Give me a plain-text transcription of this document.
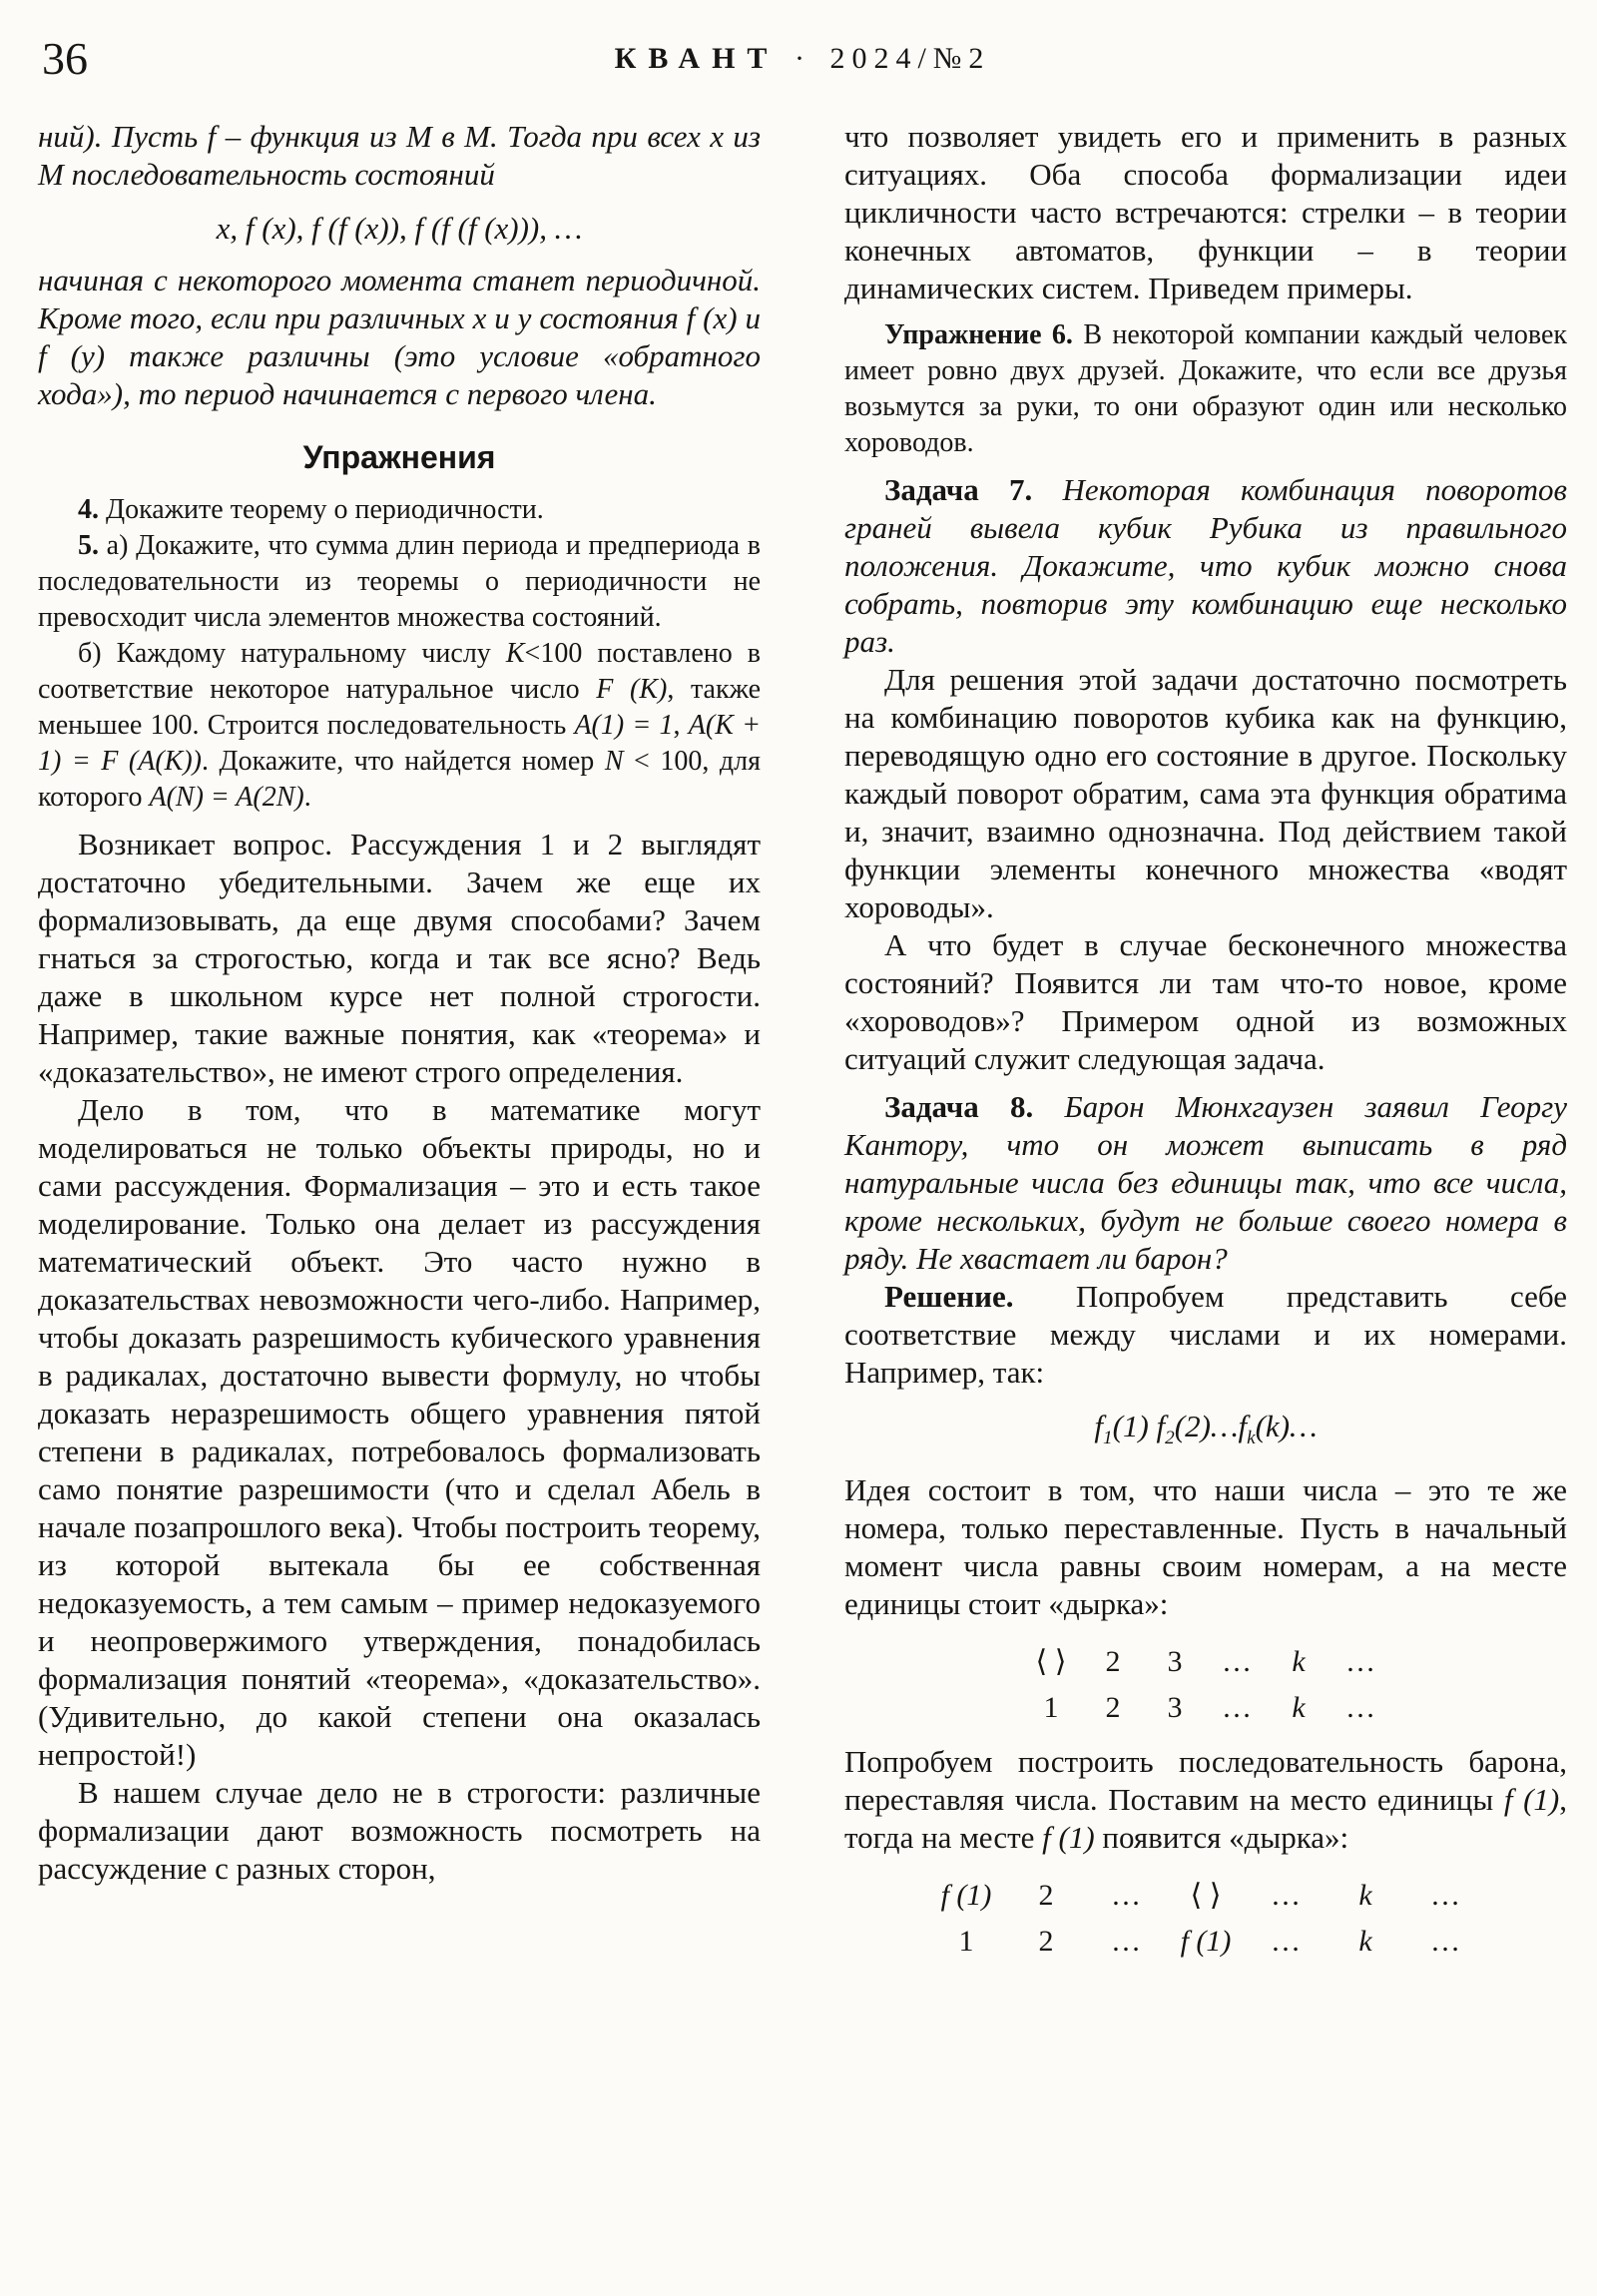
36	КВАНТ · 2024/№2

ний). Пусть f – функция из М в М. Тогда при всех x из М последовательность состояний

x, f (x), f (f (x)), f (f (f (x))), …

начиная с некоторого момента станет периодичной. Кроме того, если при различных x и y состояния f (x) и f (y) также различны (это условие «обратного хода»), то период начинается с первого члена.

Упражнения

4. Докажите теорему о периодичности.

5. а) Докажите, что сумма длин периода и предпериода в последовательности из теоремы о периодичности не превосходит числа элементов множества состояний.

б) Каждому натуральному числу K<100 поставлено в соответствие некоторое натуральное число F (K), также меньшее 100. Строится последовательность A(1) = 1, A(K + 1) = F (A(K)). Докажите, что найдется номер N < 100, для которого A(N) = A(2N).

Возникает вопрос. Рассуждения 1 и 2 выглядят достаточно убедительными. Зачем же еще их формализовывать, да еще двумя способами? Зачем гнаться за строгостью, когда и так все ясно? Ведь даже в школьном курсе нет полной строгости. Например, такие важные понятия, как «теорема» и «доказательство», не имеют строго определения.

Дело в том, что в математике могут моделироваться не только объекты природы, но и сами рассуждения. Формализация – это и есть такое моделирование. Только она делает из рассуждения математический объект. Это часто нужно в доказательствах невозможности чего-либо. Например, чтобы доказать разрешимость кубического уравнения в радикалах, достаточно вывести формулу, но чтобы доказать неразрешимость общего уравнения пятой степени в радикалах, потребовалось формализовать само понятие разрешимости (что и сделал Абель в начале позапрошлого века). Чтобы построить теорему, из которой вытекала бы ее собственная недоказуемость, а тем самым – пример недоказуемого и неопровержимого утверждения, понадобилась формализация понятий «теорема», «доказательство». (Удивительно, до какой степени она оказалась непростой!)

В нашем случае дело не в строгости: различные формализации дают возможность посмотреть на рассуждение с разных сторон,

что позволяет увидеть его и применить в разных ситуациях. Оба способа формализации идеи цикличности часто встречаются: стрелки – в теории конечных автоматов, функции – в теории динамических систем. Приведем примеры.

Упражнение 6. В некоторой компании каждый человек имеет ровно двух друзей. Докажите, что если все друзья возьмутся за руки, то они образуют один или несколько хороводов.

Задача 7. Некоторая комбинация поворотов граней вывела кубик Рубика из правильного положения. Докажите, что кубик можно снова собрать, повторив эту комбинацию еще несколько раз.

Для решения этой задачи достаточно посмотреть на комбинацию поворотов кубика как на функцию, переводящую одно его состояние в другое. Поскольку каждый поворот обратим, сама эта функция обратима и, значит, взаимно однозначна. Под действием такой функции элементы конечного множества «водят хороводы».

А что будет в случае бесконечного множества состояний? Появится ли там что-то новое, кроме «хороводов»? Примером одной из возможных ситуаций служит следующая задача.

Задача 8. Барон Мюнхгаузен заявил Георгу Кантору, что он может выписать в ряд натуральные числа без единицы так, что все числа, кроме нескольких, будут не больше своего номера в ряду. Не хвастает ли барон?

Решение. Попробуем представить себе соответствие между числами и их номерами. Например, так:

$f_1(1)$ $f_2(2)\dots f_k(k)\dots$

Идея состоит в том, что наши числа – это те же номера, только переставленные. Пусть в начальный момент числа равны своим номерам, а на месте единицы стоит «дырка»:

⟨ ⟩ 2 3 … k …
1 2 3 … k …

Попробуем построить последовательность барона, переставляя числа. Поставим на место единицы f (1), тогда на месте f (1) появится «дырка»:

f (1) 2 … ⟨ ⟩ … k …
1 2 … f (1) … k …
